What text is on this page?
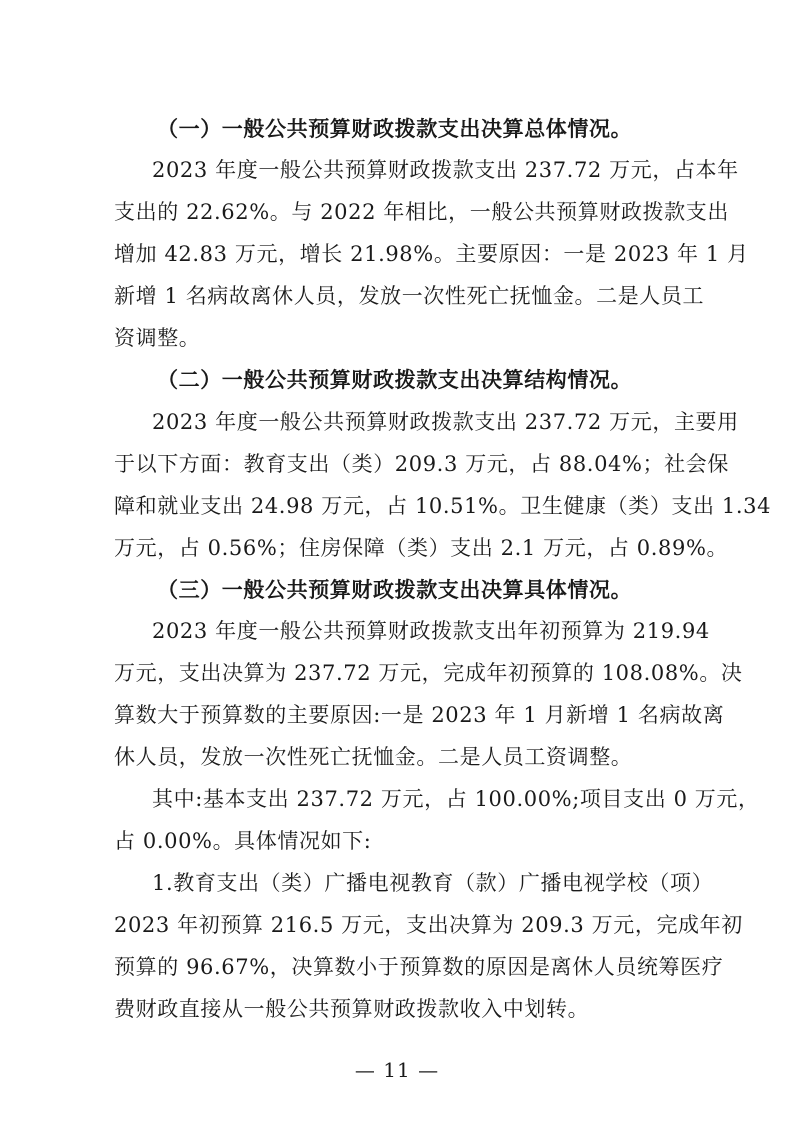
（一）一般公共预算财政拨款支出决算总体情况。
2023 年度一般公共预算财政拨款支出 237.72 万元，占本年
支出的 22.62%。与 2022 年相比，一般公共预算财政拨款支出
增加 42.83 万元，增长 21.98%。主要原因：一是 2023 年 1 月
新增 1 名病故离休人员，发放一次性死亡抚恤金。二是人员工
资调整。
（二）一般公共预算财政拨款支出决算结构情况。
2023 年度一般公共预算财政拨款支出 237.72 万元，主要用
于以下方面：教育支出（类）209.3 万元，占 88.04%；社会保
障和就业支出 24.98 万元，占 10.51%。卫生健康（类）支出 1.34
万元，占 0.56%；住房保障（类）支出 2.1 万元，占 0.89%。
（三）一般公共预算财政拨款支出决算具体情况。
2023 年度一般公共预算财政拨款支出年初预算为 219.94
万元，支出决算为 237.72 万元，完成年初预算的 108.08%。决
算数大于预算数的主要原因:一是 2023 年 1 月新增 1 名病故离
休人员，发放一次性死亡抚恤金。二是人员工资调整。
其中:基本支出 237.72 万元，占 100.00%;项目支出 0 万元，
占 0.00%。具体情况如下:
1.教育支出（类）广播电视教育（款）广播电视学校（项）
2023 年初预算 216.5 万元，支出决算为 209.3 万元，完成年初
预算的 96.67%，决算数小于预算数的原因是离休人员统筹医疗
费财政直接从一般公共预算财政拨款收入中划转。
— 11 —
